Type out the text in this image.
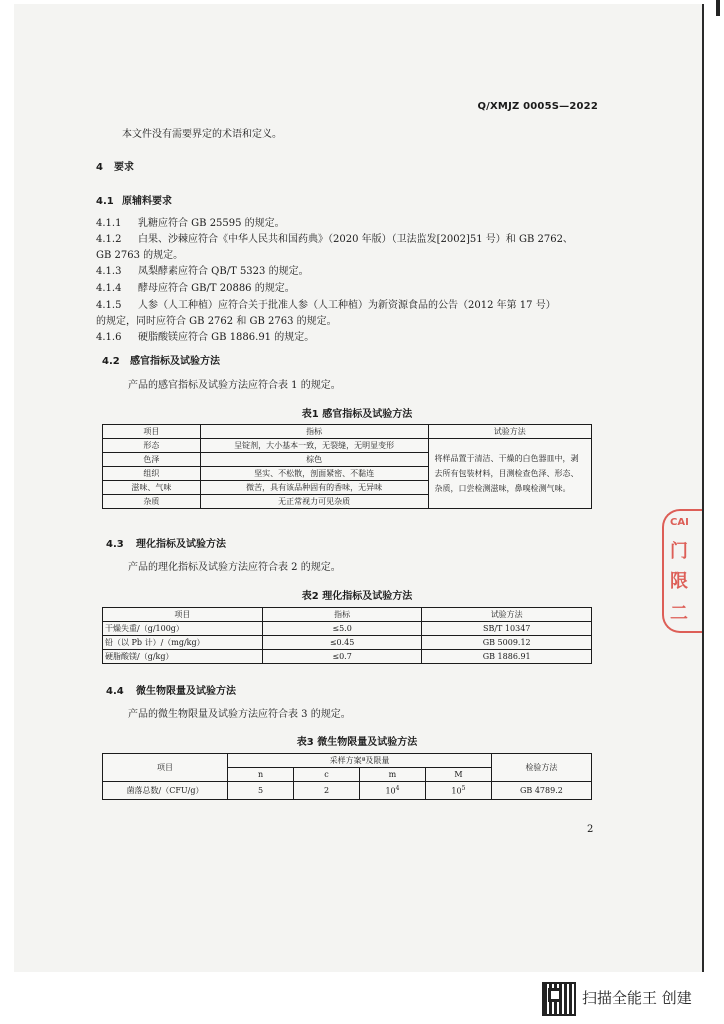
Q/XMJZ 0005S—2022
本文件没有需要界定的术语和定义。
4 要求
4.1 原辅料要求
4.1.1 乳糖应符合 GB 25595 的规定。
4.1.2 白果、沙棘应符合《中华人民共和国药典》（2020 年版）（卫法监发[2002]51 号）和 GB 2762、
GB 2763 的规定。
4.1.3 凤梨酵素应符合 QB/T 5323 的规定。
4.1.4 酵母应符合 GB/T 20886 的规定。
4.1.5 人参（人工种植）应符合关于批准人参（人工种植）为新资源食品的公告（2012 年第 17 号）
的规定，同时应符合 GB 2762 和 GB 2763 的规定。
4.1.6 硬脂酸镁应符合 GB 1886.91 的规定。
4.2 感官指标及试验方法
产品的感官指标及试验方法应符合表 1 的规定。
表1 感官指标及试验方法
项目	指标	试验方法
形态	呈锭剂，大小基本一致，无裂缝，无明显变形	将样品置于清洁、干燥的白色器皿中，剥去所有包装材料，目测检查色泽、形态、杂质，口尝检测滋味，鼻嗅检测气味。
色泽	棕色	
组织	坚实、不松散，剖面紧密、不黏连	
滋味、气味	微苦，具有该品种固有的香味，无异味	
杂质	无正常视力可见杂质	
4.3 理化指标及试验方法
产品的理化指标及试验方法应符合表 2 的规定。
表2 理化指标及试验方法
项目	指标	试验方法
干燥失重/（g/100g）	≤5.0	SB/T 10347
铅（以 Pb 计）/（mg/kg）	≤0.45	GB 5009.12
硬脂酸镁/（g/kg）	≤0.7	GB 1886.91
4.4 微生物限量及试验方法
产品的微生物限量及试验方法应符合表 3 的规定。
表3 微生物限量及试验方法
项目	采样方案ª及限量				检验方法
	n	c	m	M	
菌落总数/（CFU/g）	5	2	$10^4$	$10^5$	GB 4789.2
2
CAI
门
限
二
扫描全能王 创建
